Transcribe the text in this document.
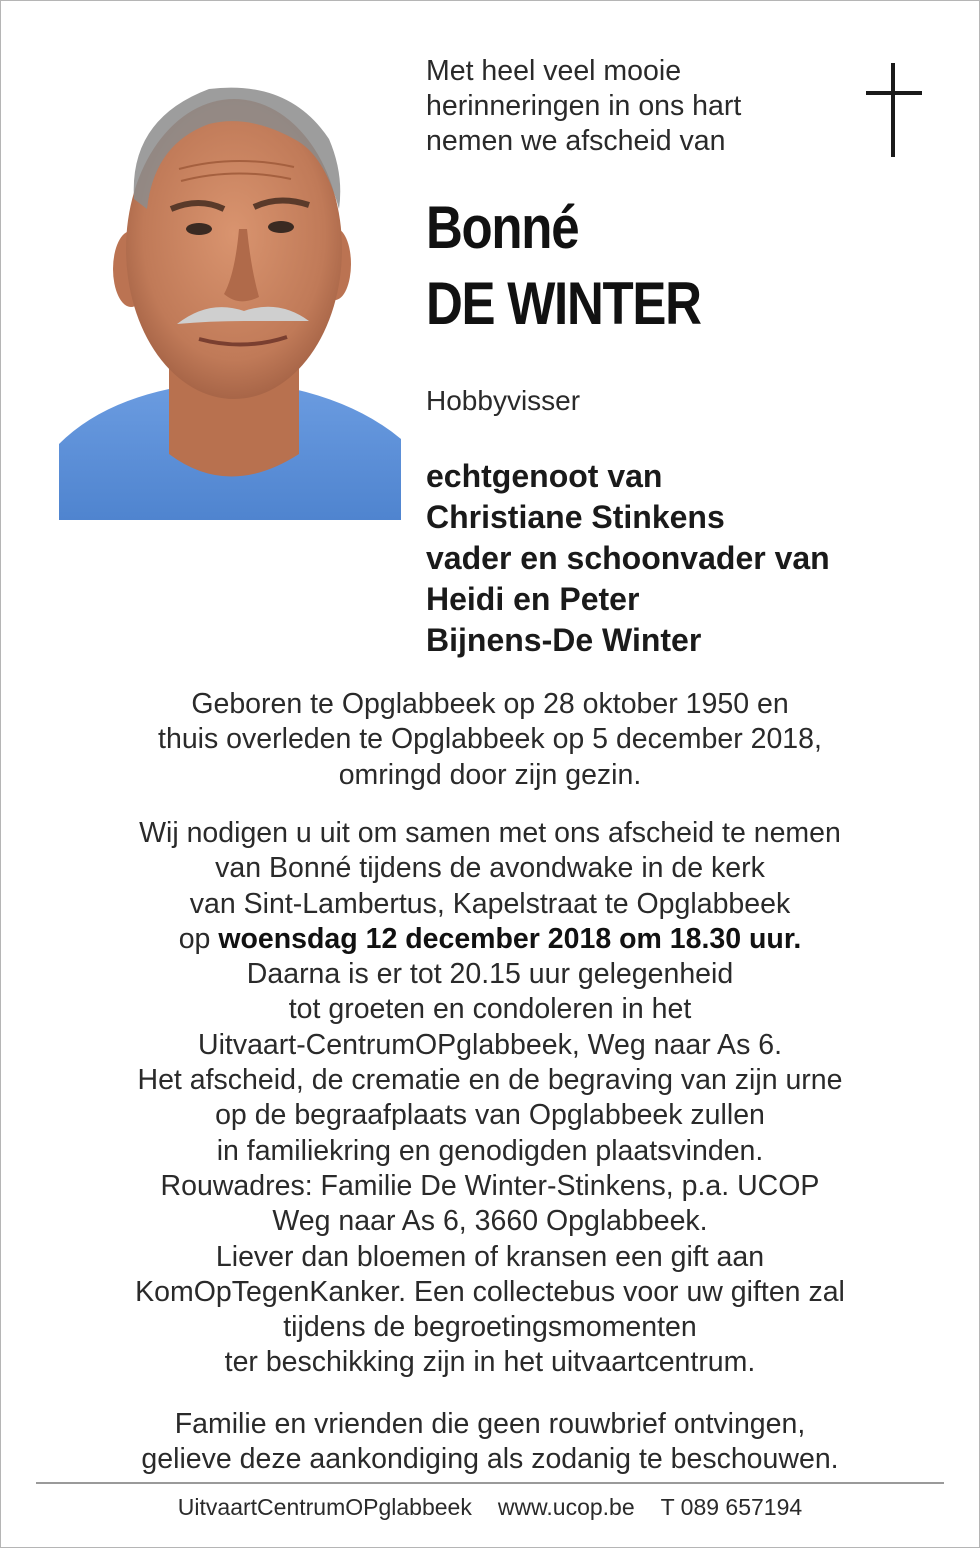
Met heel veel mooie
herinneringen in ons hart
nemen we afscheid van
Bonné
DE WINTER
Hobbyvisser
echtgenoot van
Christiane Stinkens
vader en schoonvader van
Heidi en Peter
Bijnens-De Winter
Geboren te Opglabbeek op 28 oktober 1950 en
thuis overleden te Opglabbeek op 5 december 2018,
omringd door zijn gezin.
Wij nodigen u uit om samen met ons afscheid te nemen
van Bonné tijdens de avondwake in de kerk
van Sint-Lambertus, Kapelstraat te Opglabbeek
op woensdag 12 december 2018 om 18.30 uur.
Daarna is er tot 20.15 uur gelegenheid
tot groeten en condoleren in het
Uitvaart-CentrumOPglabbeek, Weg naar As 6.
Het afscheid, de crematie en de begraving van zijn urne
op de begraafplaats van Opglabbeek zullen
in familiekring en genodigden plaatsvinden.
Rouwadres: Familie De Winter-Stinkens, p.a. UCOP
Weg naar As 6, 3660 Opglabbeek.
Liever dan bloemen of kransen een gift aan
KomOpTegenKanker. Een collectebus voor uw giften zal
tijdens de begroetingsmomenten
ter beschikking zijn in het uitvaartcentrum.
Familie en vrienden die geen rouwbrief ontvingen,
gelieve deze aankondiging als zodanig te beschouwen.
UitvaartCentrumOPglabbeek www.ucop.be T 089 657194
